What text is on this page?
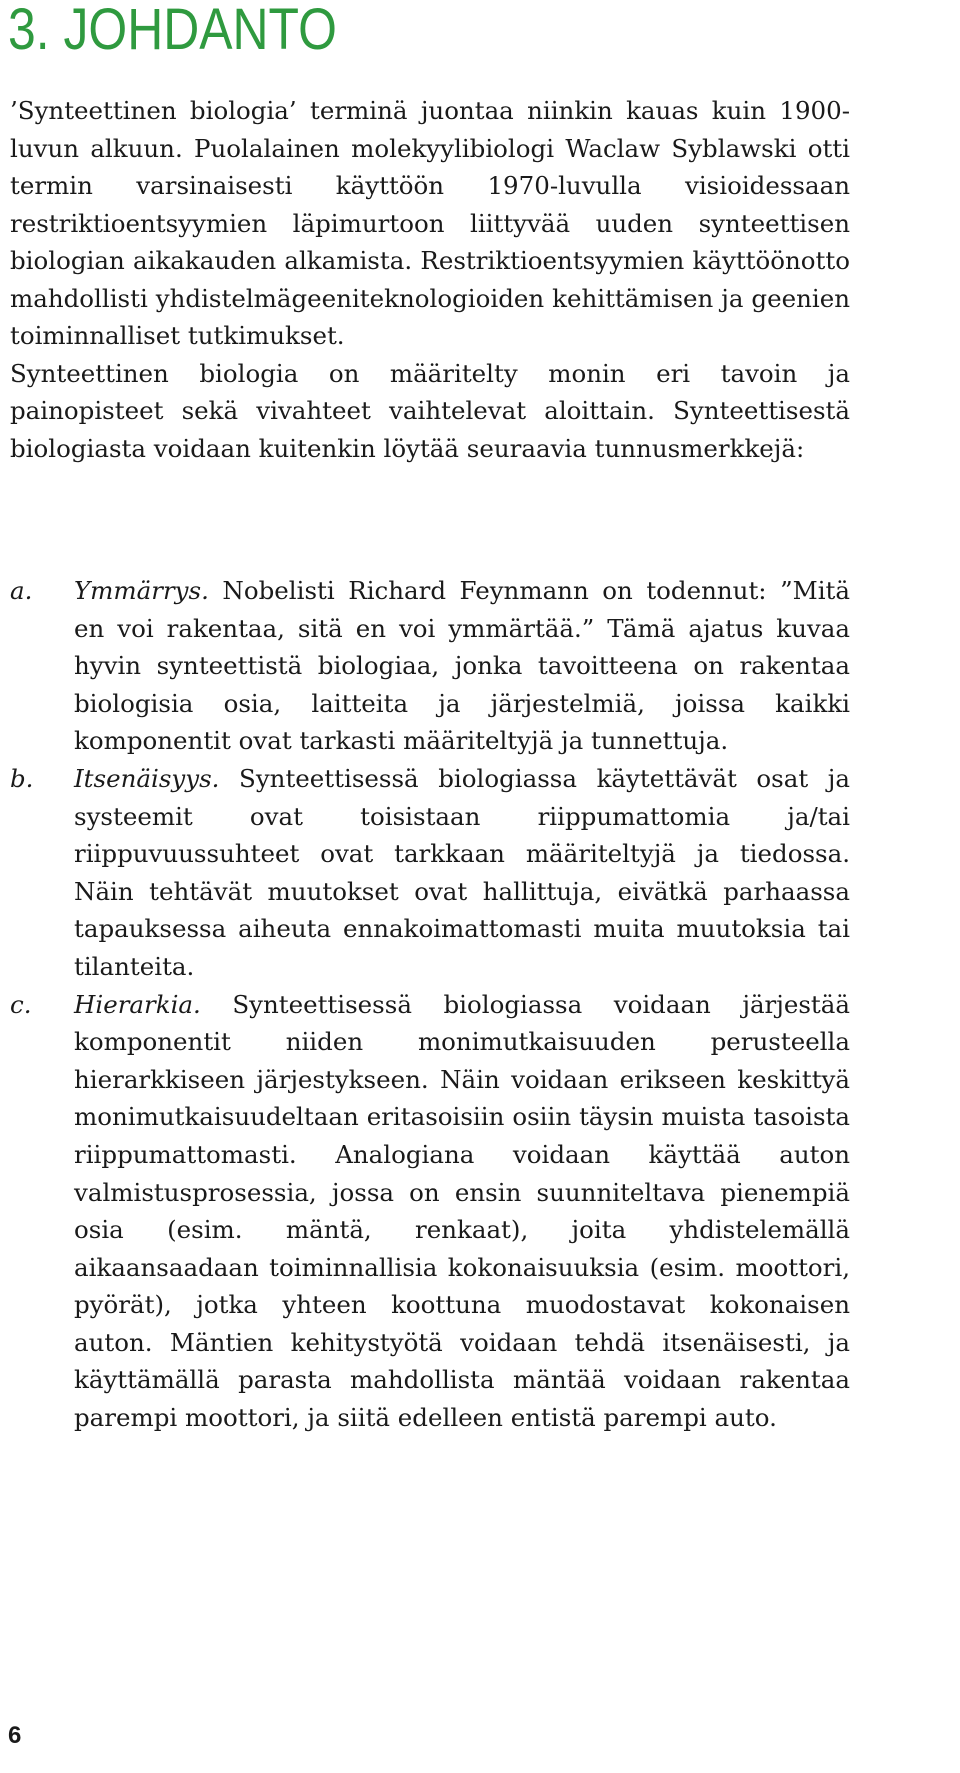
3. JOHDANTO

’Synteettinen biologia’ terminä juontaa niinkin kauas kuin 1900-luvun alkuun. Puolalainen molekyylibiologi Waclaw Syblawski otti termin varsinaisesti käyttöön 1970-luvulla visioidessaan restriktioentsyymien läpimurtoon liittyvää uuden synteettisen biologian aikakauden alkamista. Restriktioentsyymien käyttöönotto mahdollisti yhdistelmägeeniteknologioiden kehittämisen ja geenien toiminnalliset tutkimukset.

Synteettinen biologia on määritelty monin eri tavoin ja painopisteet sekä vivahteet vaihtelevat aloittain. Synteettisestä biologiasta voidaan kuitenkin löytää seuraavia tunnusmerkkejä:

a. Ymmärrys. Nobelisti Richard Feynmann on todennut: ”Mitä en voi rakentaa, sitä en voi ymmärtää.” Tämä ajatus kuvaa hyvin synteettistä biologiaa, jonka tavoitteena on rakentaa biologisia osia, laitteita ja järjestelmiä, joissa kaikki komponentit ovat tarkasti määriteltyjä ja tunnettuja.
b. Itsenäisyys. Synteettisessä biologiassa käytettävät osat ja systeemit ovat toisistaan riippumattomia ja/tai riippuvuussuhteet ovat tarkkaan määriteltyjä ja tiedossa. Näin tehtävät muutokset ovat hallittuja, eivätkä parhaassa tapauksessa aiheuta ennakoimattomasti muita muutoksia tai tilanteita.
c. Hierarkia. Synteettisessä biologiassa voidaan järjestää komponentit niiden monimutkaisuuden perusteella hierarkkiseen järjestykseen. Näin voidaan erikseen keskittyä monimutkaisuudeltaan eritasoisiin osiin täysin muista tasoista riippumattomasti. Analogiana voidaan käyttää auton valmistusprosessia, jossa on ensin suunniteltava pienempiä osia (esim. mäntä, renkaat), joita yhdistelemällä aikaansaadaan toiminnallisia kokonaisuuksia (esim. moottori, pyörät), jotka yhteen koottuna muodostavat kokonaisen auton. Mäntien kehitystyötä voidaan tehdä itsenäisesti, ja käyttämällä parasta mahdollista mäntää voidaan rakentaa parempi moottori, ja siitä edelleen entistä parempi auto.
6
